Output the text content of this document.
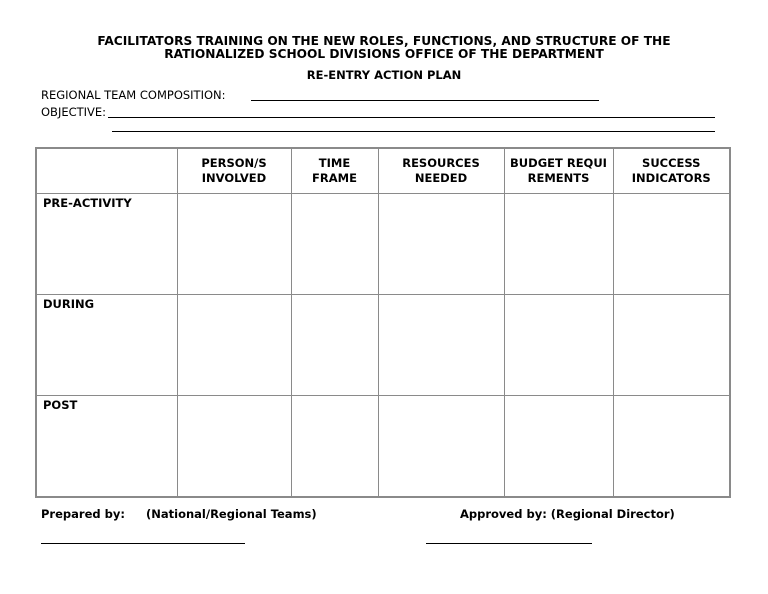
FACILITATORS TRAINING ON THE NEW ROLES, FUNCTIONS, AND STRUCTURE OF THE RATIONALIZED SCHOOL DIVISIONS OFFICE OF THE DEPARTMENT
RE-ENTRY ACTION PLAN
REGIONAL TEAM COMPOSITION:
OBJECTIVE:
	PERSON/S INVOLVED	TIME FRAME	RESOURCES NEEDED	BUDGET REQUIREMENTS	SUCCESS INDICATORS
PRE-ACTIVITY					
DURING					
POST					
Prepared by: (National/Regional Teams)	Approved by: (Regional Director)
